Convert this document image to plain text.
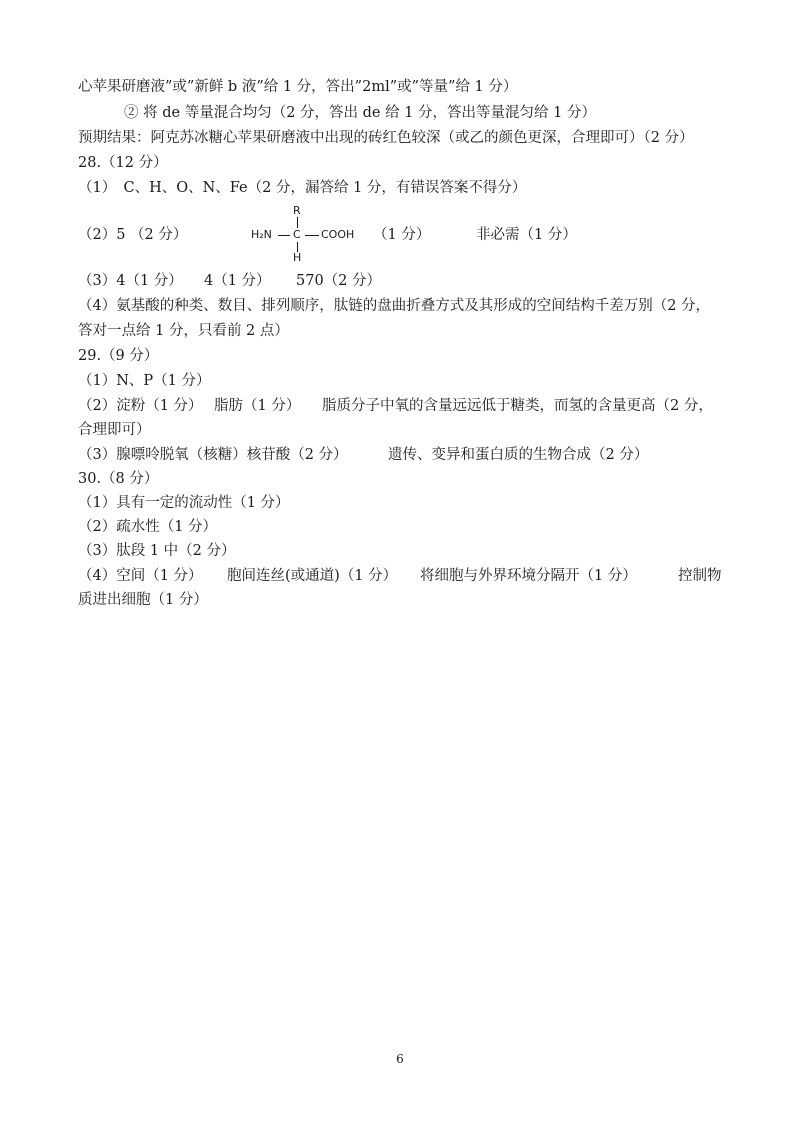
心苹果研磨液”或”新鲜 b 液”给 1 分，答出”2ml”或”等量”给 1 分）
② 将 de 等量混合均匀（2 分，答出 de 给 1 分，答出等量混匀给 1 分）
预期结果：阿克苏冰糖心苹果研磨液中出现的砖红色较深（或乙的颜色更深，合理即可）（2 分）
28.（12 分）
（1）　C、H、O、N、Fe（2 分，漏答给 1 分，有错误答案不得分）
（2）5 （2 分）
R
H₂N C COOH
H
（1 分）	非必需（1 分）
（3）4（1 分） 4（1 分） 570（2 分）
（4）氨基酸的种类、数目、排列顺序，肽链的盘曲折叠方式及其形成的空间结构千差万别（2 分，
答对一点给 1 分，只看前 2 点）
29.（9 分）
（1）N、P（1 分）
（2）淀粉（1 分） 脂肪（1 分） 脂质分子中氧的含量远远低于糖类，而氢的含量更高（2 分，
合理即可）
（3）腺嘌呤脱氧（核糖）核苷酸（2 分）	遗传、变异和蛋白质的生物合成（2 分）
30.（8 分）
（1）具有一定的流动性（1 分）
（2）疏水性（1 分）
（3）肽段 1 中（2 分）
（4）空间（1 分） 胞间连丝(或通道)（1 分） 将细胞与外界环境分隔开（1 分）	控制物
质进出细胞（1 分）
6
